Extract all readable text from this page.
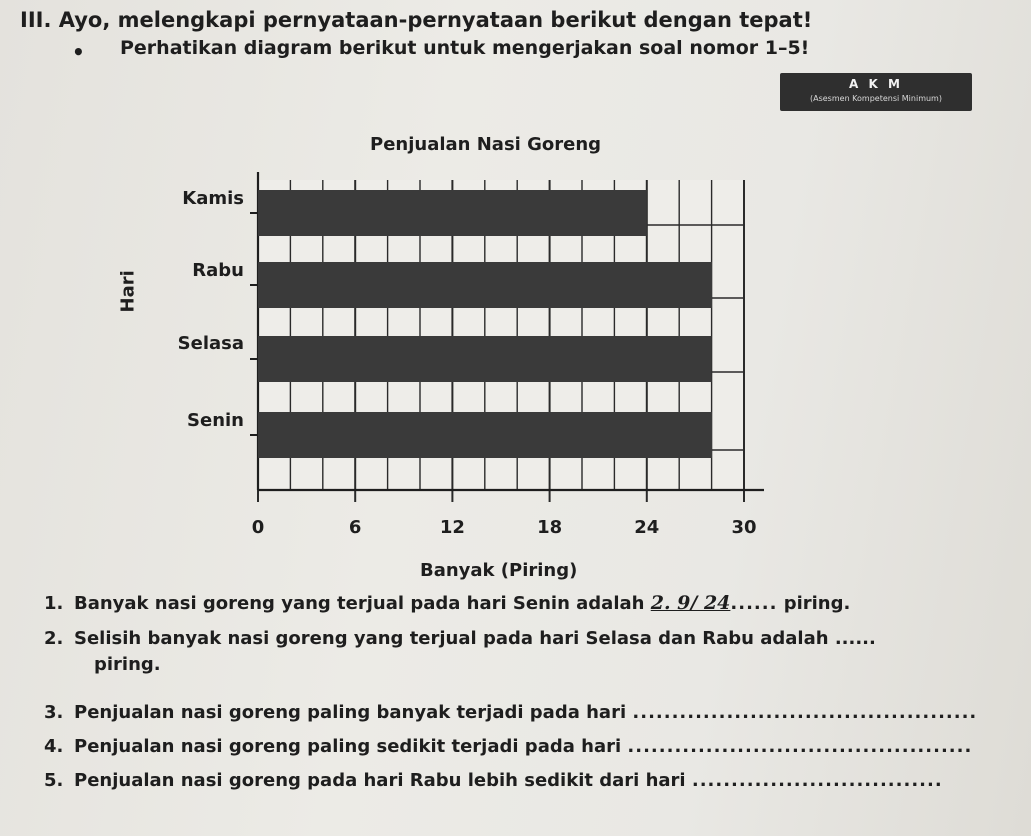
III. Ayo, melengkapi pernyataan-pernyataan berikut dengan tepat!
• Perhatikan diagram berikut untuk mengerjakan soal nomor 1–5!
A K M
(Asesmen Kompetensi Minimum)
Penjualan Nasi Goreng
Hari
Banyak (Piring)
Kamis
Rabu
Selasa
Senin
0	6	12	18	24	30
1. Banyak nasi goreng yang terjual pada hari Senin adalah 2. 9/ 24...... piring.
2. Selisih banyak nasi goreng yang terjual pada hari Selasa dan Rabu adalah ......
piring.
3. Penjualan nasi goreng paling banyak terjadi pada hari ............................................
4. Penjualan nasi goreng paling sedikit terjadi pada hari ............................................
5. Penjualan nasi goreng pada hari Rabu lebih sedikit dari hari ................................
